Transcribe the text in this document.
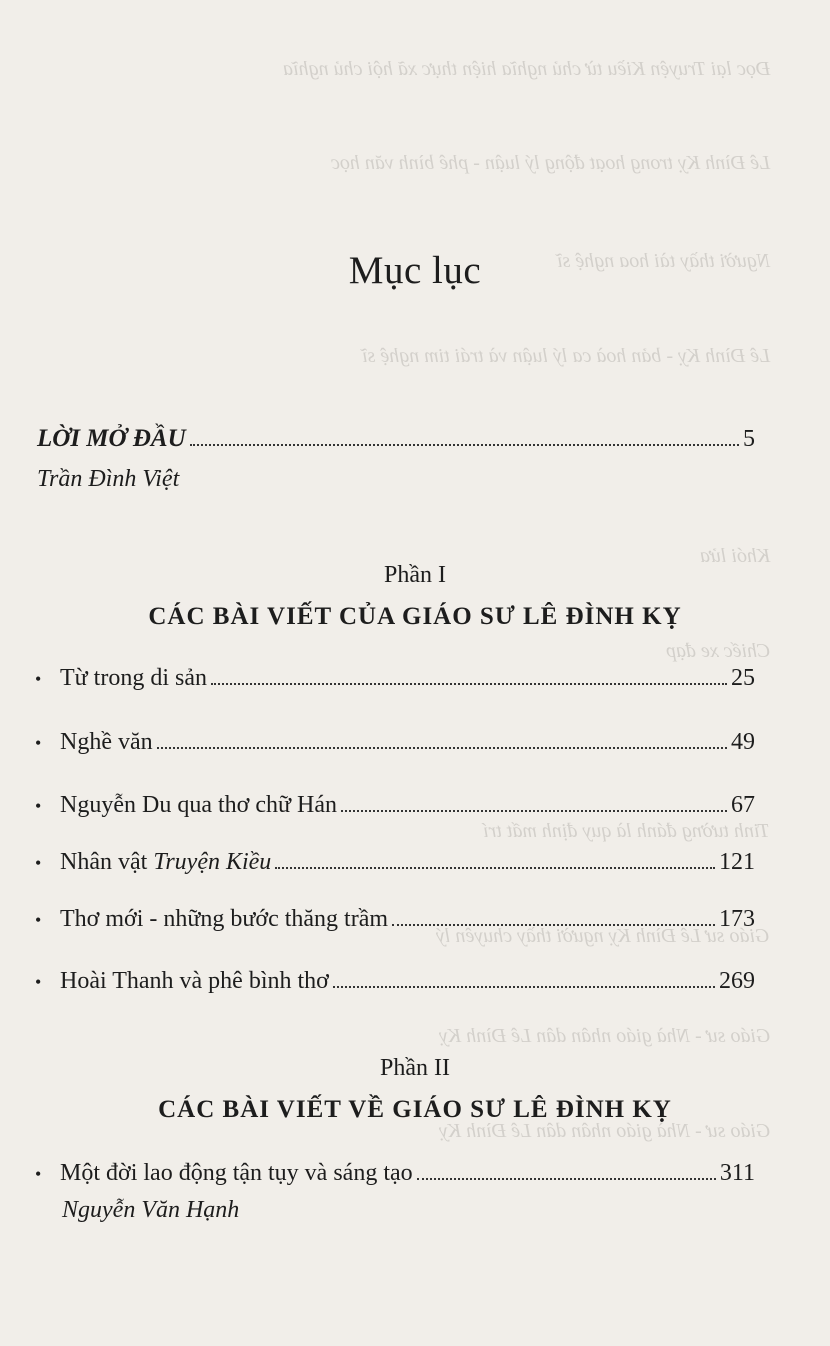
Đọc lại Truyện Kiều từ chủ nghĩa hiện thực xã hội chủ nghĩa
Lê Đình Kỵ trong hoạt động lý luận - phê bình văn học
Người thầy tài hoa nghệ sĩ
Lê Đình Kỵ - bản hoà ca lý luận và trái tim nghệ sĩ
Khói lửa
Chiếc xe đạp
Tinh tường đánh là quy định mất trí
Giáo sư Lê Đình Kỵ người thầy chuyên lý
Giáo sư - Nhà giáo nhân dân Lê Đình Kỵ
Giáo sư - Nhà giáo nhân dân Lê Đình Kỵ
Mục lục
LỜI MỞ ĐẦU	5
Trần Đình Việt
Phần I
CÁC BÀI VIẾT CỦA GIÁO SƯ LÊ ĐÌNH KỴ
• Từ trong di sản	25
• Nghề văn	49
• Nguyễn Du qua thơ chữ Hán	67
• Nhân vật Truyện Kiều	121
• Thơ mới - những bước thăng trầm	173
• Hoài Thanh và phê bình thơ	269
Phần II
CÁC BÀI VIẾT VỀ GIÁO SƯ LÊ ĐÌNH KỴ
• Một đời lao động tận tụy và sáng tạo	311
Nguyễn Văn Hạnh
